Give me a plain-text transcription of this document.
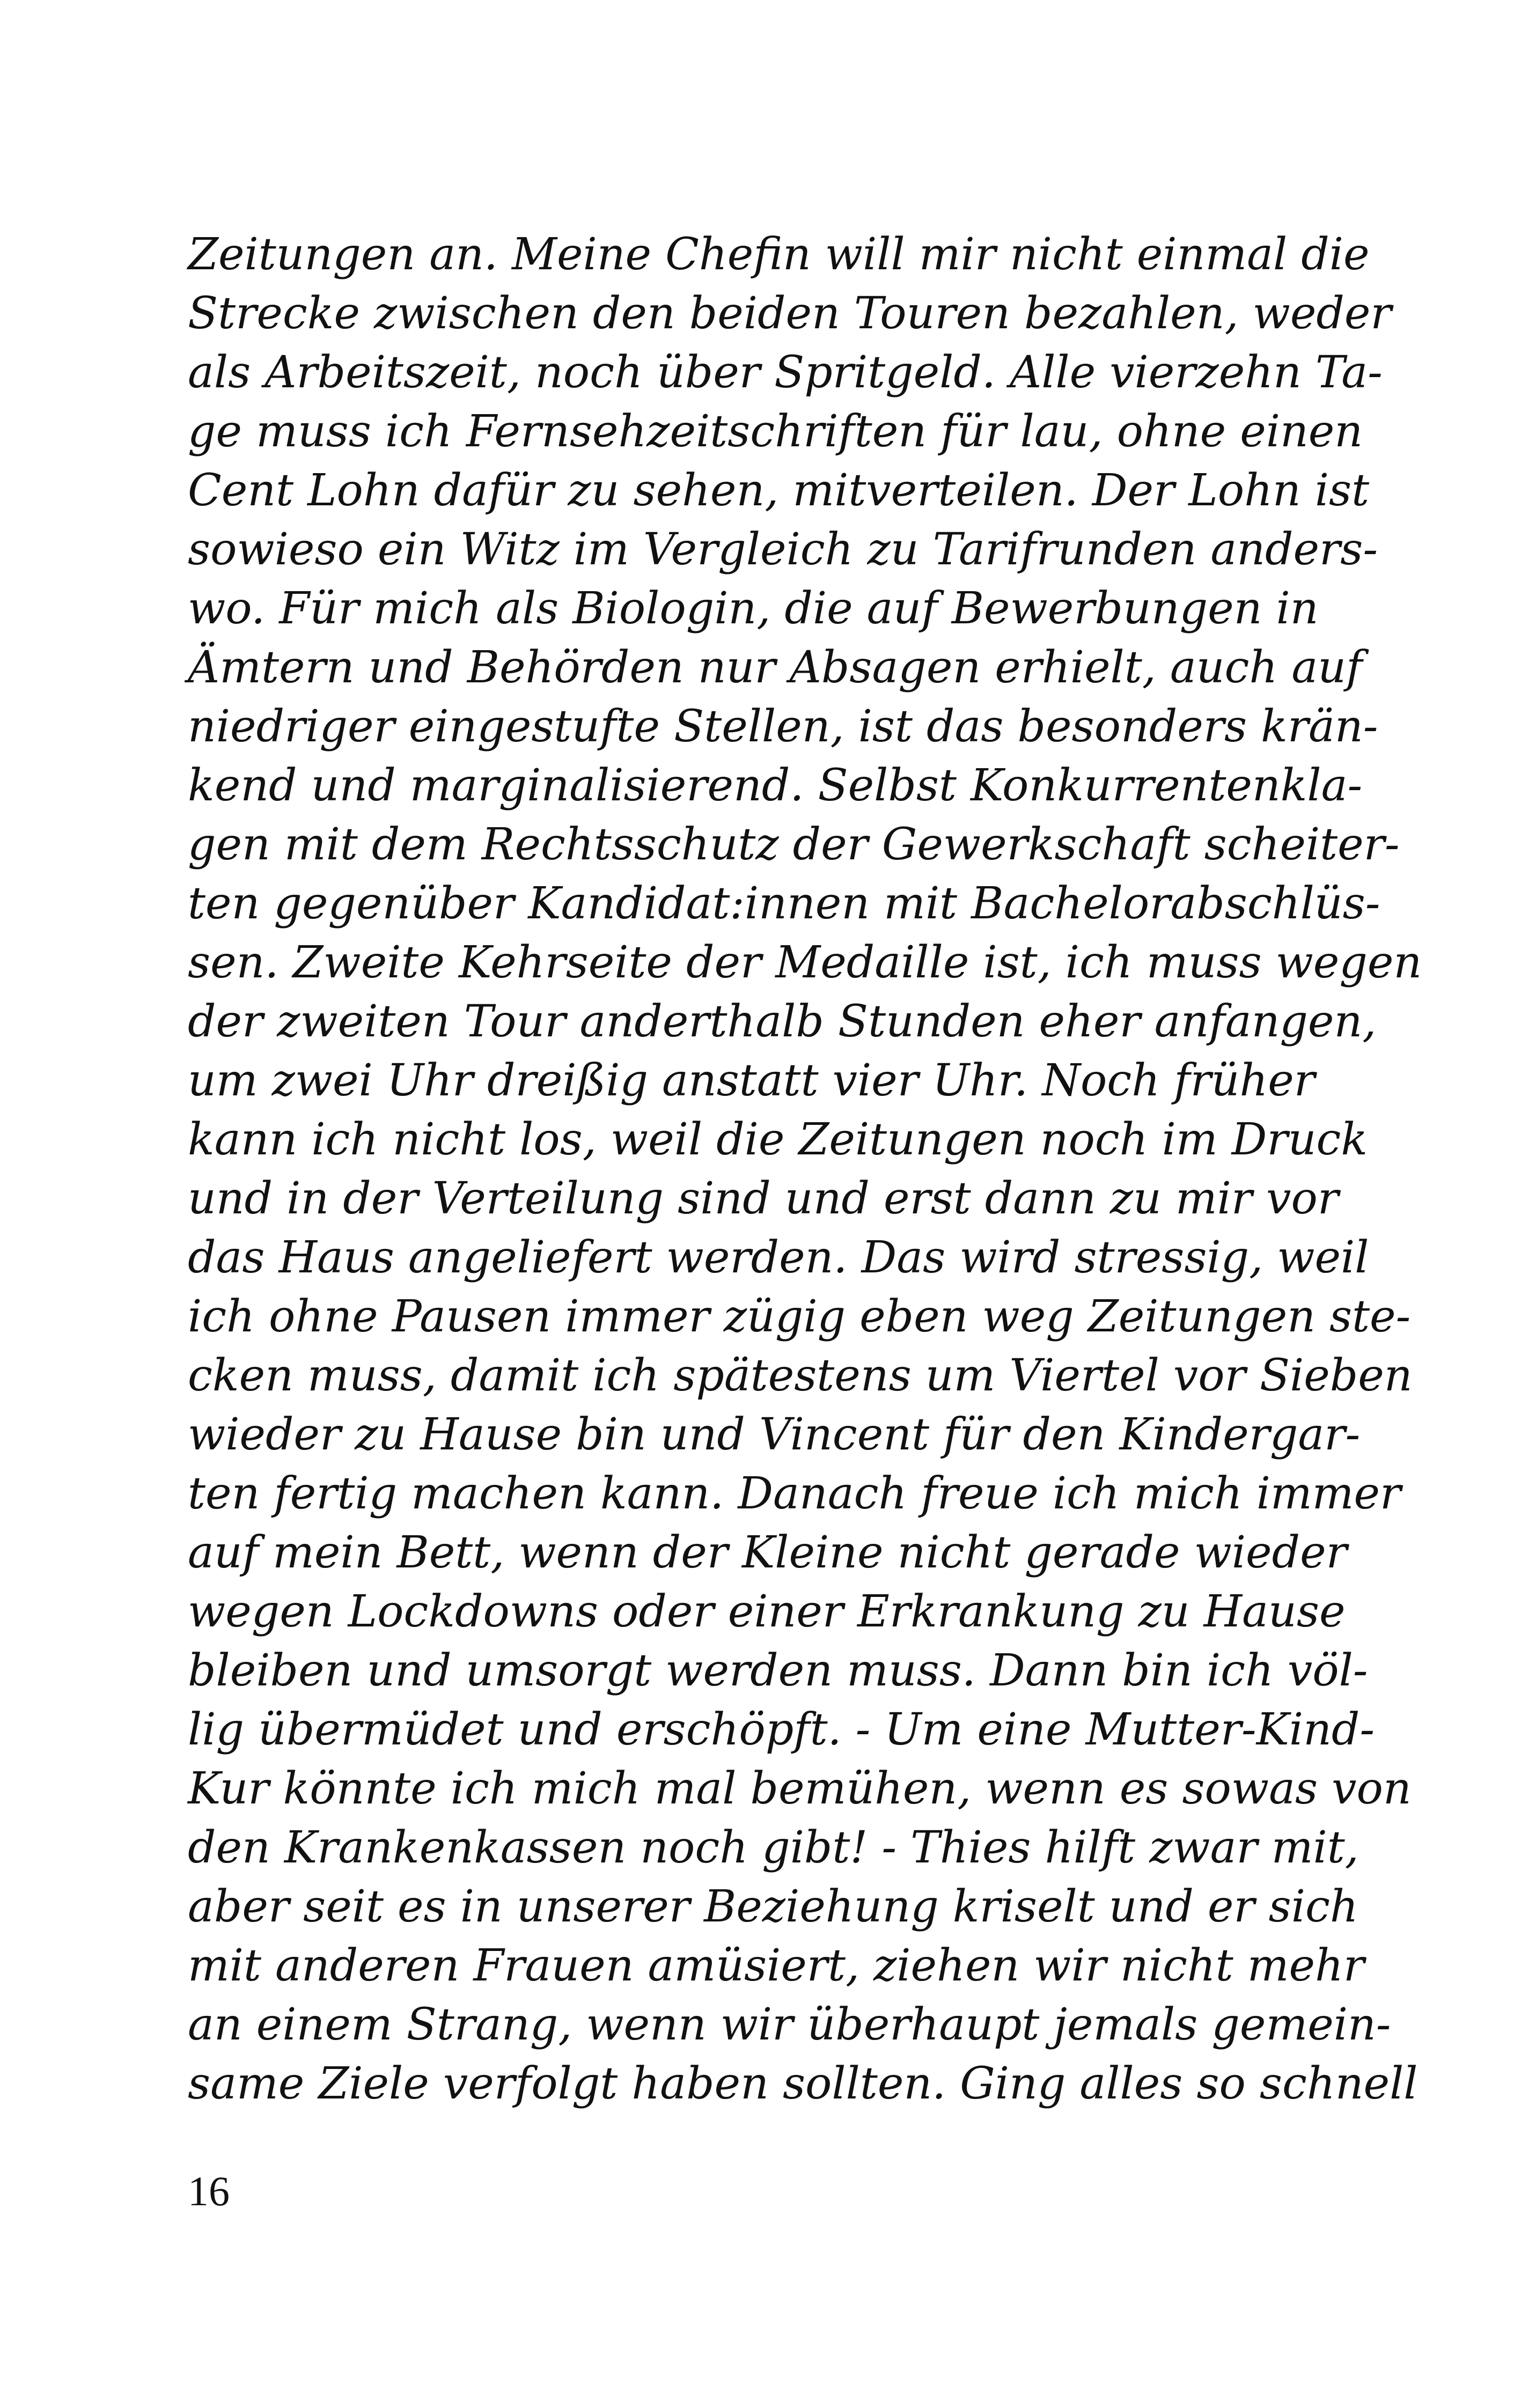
Zeitungen an. Meine Chefin will mir nicht einmal die
Strecke zwischen den beiden Touren bezahlen, weder
als Arbeitszeit, noch über Spritgeld. Alle vierzehn Ta-
ge muss ich Fernsehzeitschriften für lau, ohne einen
Cent Lohn dafür zu sehen, mitverteilen. Der Lohn ist
sowieso ein Witz im Vergleich zu Tarifrunden anders-
wo. Für mich als Biologin, die auf Bewerbungen in
Ämtern und Behörden nur Absagen erhielt, auch auf
niedriger eingestufte Stellen, ist das besonders krän-
kend und marginalisierend. Selbst Konkurrentenkla-
gen mit dem Rechtsschutz der Gewerkschaft scheiter-
ten gegenüber Kandidat:innen mit Bachelorabschlüs-
sen. Zweite Kehrseite der Medaille ist, ich muss wegen
der zweiten Tour anderthalb Stunden eher anfangen,
um zwei Uhr dreißig anstatt vier Uhr. Noch früher
kann ich nicht los, weil die Zeitungen noch im Druck
und in der Verteilung sind und erst dann zu mir vor
das Haus angeliefert werden. Das wird stressig, weil
ich ohne Pausen immer zügig eben weg Zeitungen ste-
cken muss, damit ich spätestens um Viertel vor Sieben
wieder zu Hause bin und Vincent für den Kindergar-
ten fertig machen kann. Danach freue ich mich immer
auf mein Bett, wenn der Kleine nicht gerade wieder
wegen Lockdowns oder einer Erkrankung zu Hause
bleiben und umsorgt werden muss. Dann bin ich völ-
lig übermüdet und erschöpft. - Um eine Mutter-Kind-
Kur könnte ich mich mal bemühen, wenn es sowas von
den Krankenkassen noch gibt! - Thies hilft zwar mit,
aber seit es in unserer Beziehung kriselt und er sich
mit anderen Frauen amüsiert, ziehen wir nicht mehr
an einem Strang, wenn wir überhaupt jemals gemein-
same Ziele verfolgt haben sollten. Ging alles so schnell
16
